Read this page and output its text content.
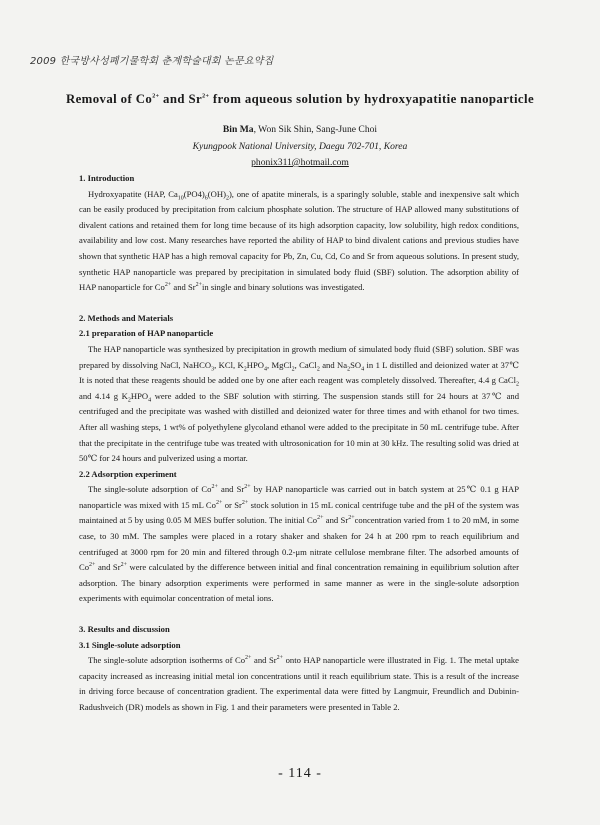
2009 한국방사성폐기물학회 춘계학술대회 논문요약집
Removal of $Co^{2+}$ and $Sr^{2+}$ from aqueous solution by hydroxyapatitie nanoparticle
Bin Ma, Won Sik Shin, Sang-June Choi
Kyungpook National University, Daegu 702-701, Korea
phonix311@hotmail.com
1. Introduction

Hydroxyapatite (HAP, $Ca_{10}(PO4)_6(OH)_2$), one of apatite minerals, is a sparingly soluble, stable and inexpensive salt which can be easily produced by precipitation from calcium phosphate solution. The structure of HAP allowed many substitutions of divalent cations and retained them for long time because of its high adsorption capacity, low solubility, high redox conditions, availability and low cost. Many researches have reported the ability of HAP to bind divalent cations and previous studies have shown that synthetic HAP has a high removal capacity for Pb, Zn, Cu, Cd, Co and Sr from aqueous solutions. In present study, synthetic HAP nanoparticle was prepared by precipitation in simulated body fluid (SBF) solution. The adsorption ability of HAP nanoparticle for $Co^{2+}$ and $Sr^{2+}in$ single and binary solutions was investigated.

2. Methods and Materials
2.1 preparation of HAP nanoparticle

The HAP nanoparticle was synthesized by precipitation in growth medium of simulated body fluid (SBF) solution. SBF was prepared by dissolving NaCl, NaHCO$_3$, KCl, $K_2HPO_4$, MgCl$_2$, CaCl$_2$ and $Na_2SO_4$ in 1 L distilled and deionized water at 37℃ It is noted that these reagents should be added one by one after each reagent was completely dissolved. Thereafter, 4.4 g CaCl$_2$ and 4.14 g $K_2HPO_4$ were added to the SBF solution with stirring. The suspension stands still for 24 hours at 37℃ and centrifuged and the precipitate was washed with distilled and deionized water for three times and with ethanol for two times. After all washing steps, 1 wt% of polyethylene glycoland ethanol were added to the precipitate in 50 mL centrifuge tube. After that the precipitate in the centrifuge tube was treated with ultrosonication for 10 min at 30 kHz. The resulting solid was dried at 50℃ for 24 hours and pulverized using a mortar.

2.2 Adsorption experiment

The single-solute adsorption of $Co^{2+}$ and $Sr^{2+}$ by HAP nanoparticle was carried out in batch system at 25℃ 0.1 g HAP nanoparticle was mixed with 15 mL $Co^{2+}$ or $Sr^{2+}$ stock solution in 15 mL conical centrifuge tube and the pH of the system was maintained at 5 by using 0.05 M MES buffer solution. The initial $Co^{2+}$ and $Sr^{2+}concentration$ varied from 1 to 20 mM, in some case, to 30 mM. The samples were placed in a rotary shaker and shaken for 24 h at 200 rpm to reach equilibrium and centrifuged at 3000 rpm for 20 min and filtered through 0.2-μm nitrate cellulose membrane filter. The adsorbed amounts of $Co^{2+}$ and $Sr^{2+}$ were calculated by the difference between initial and final concentration remaining in equilibrium solution after adsorption. The binary adsorption experiments were performed in same manner as were in the single-solute adsorption experiments with equimolar concentration of metal ions.

3. Results and discussion
3.1 Single-solute adsorption

The single-solute adsorption isotherms of $Co^{2+}$ and $Sr^{2+}$ onto HAP nanoparticle were illustrated in Fig. 1. The metal uptake capacity increased as increasing initial metal ion concentrations until it reach equilibrium state. This is a result of the increase in driving force because of concentration gradient. The experimental data were fitted by Langmuir, Freundlich and Dubinin-Radushveich (DR) models as shown in Fig. 1 and their parameters were presented in Table 2.

- 114 -
